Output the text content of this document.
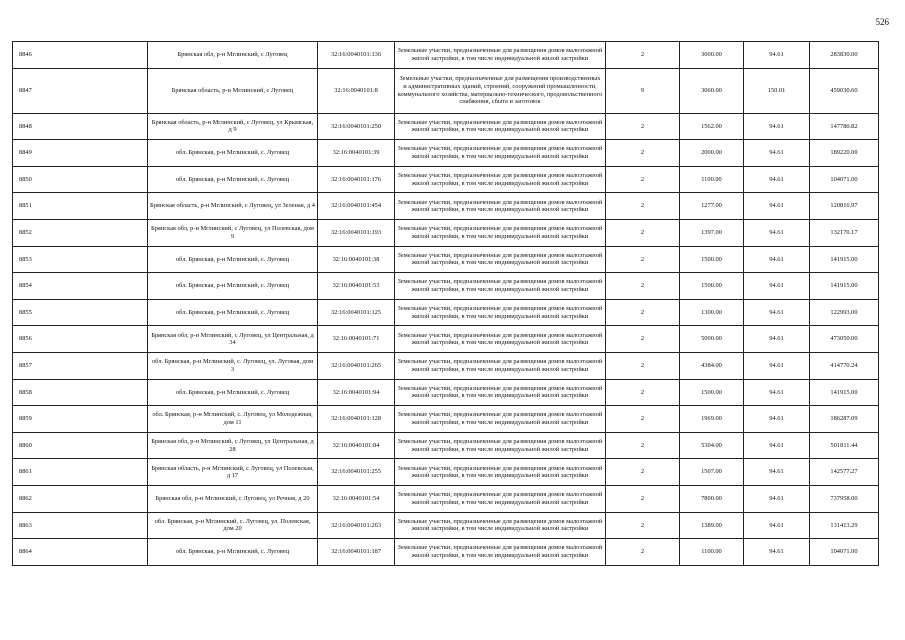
526
8846	Брянская обл, р-н Мглинский, с Луговец	32:16:0040101:136	Земельные участки, предназначенные для размещения домов малоэтажной жилой застройки, в том числе индивидуальной жилой застройки	2	3000.00	94.61	283830.00
8847	Брянская область, р-н Мглинский, с Луговец	32:16:0040101:8	Земельные участки, предназначенные для размещения производственных и административных зданий, строений, сооружений промышленности, коммунального хозяйства, материально-технического, продовольственного снабжения, сбыта и заготовок	9	3060.00	150.01	459030.60
8848	Брянская область, р-н Мглинский, с Луговец, ул Крымская, д 9	32:16:0040101:250	Земельные участки, предназначенные для размещения домов малоэтажной жилой застройки, в том числе индивидуальной жилой застройки	2	1562.00	94.61	147780.82
8849	обл. Брянская, р-н Мглинский, с. Луговец	32:16:0040101:39	Земельные участки, предназначенные для размещения домов малоэтажной жилой застройки, в том числе индивидуальной жилой застройки	2	2000.00	94.61	189220.00
8850	обл. Брянская, р-н Мглинский, с. Луговец	32:16:0040101:176	Земельные участки, предназначенные для размещения домов малоэтажной жилой застройки, в том числе индивидуальной жилой застройки	2	1100.00	94.61	104071.00
8851	Брянская область, р-н Мглинский, с Луговец, ул Зеленая, д 4	32:16:0040101:454	Земельные участки, предназначенные для размещения домов малоэтажной жилой застройки, в том числе индивидуальной жилой застройки	2	1277.00	94.61	120816.97
8852	Брянская обл, р-н Мглинский, с Луговец, ул Полевская, дом 9	32:16:0040101:193	Земельные участки, предназначенные для размещения домов малоэтажной жилой застройки, в том числе индивидуальной жилой застройки	2	1397.00	94.61	132170.17
8853	обл. Брянская, р-н Мглинский, с. Луговец	32:16:0040101:38	Земельные участки, предназначенные для размещения домов малоэтажной жилой застройки, в том числе индивидуальной жилой застройки	2	1500.00	94.61	141915.00
8854	обл. Брянская, р-н Мглинский, с. Луговец	32:16:0040101:53	Земельные участки, предназначенные для размещения домов малоэтажной жилой застройки, в том числе индивидуальной жилой застройки	2	1500.00	94.61	141915.00
8855	обл. Брянская, р-н Мглинский, с. Луговец	32:16:0040101:125	Земельные участки, предназначенные для размещения домов малоэтажной жилой застройки, в том числе индивидуальной жилой застройки	2	1300.00	94.61	122993.00
8856	Брянская обл, р-н Мглинский, с Луговец, ул Центральная, д 34	32:16:0040101:71	Земельные участки, предназначенные для размещения домов малоэтажной жилой застройки, в том числе индивидуальной жилой застройки	2	5000.00	94.61	473050.00
8857	обл. Брянская, р-н Мглинский, с. Луговец, ул. Луговая, дом 3	32:16:0040101:265	Земельные участки, предназначенные для размещения домов малоэтажной жилой застройки, в том числе индивидуальной жилой застройки	2	4384.00	94.61	414770.24
8858	обл. Брянская, р-н Мглинский, с. Луговец	32:16:0040101:94	Земельные участки, предназначенные для размещения домов малоэтажной жилой застройки, в том числе индивидуальной жилой застройки	2	1500.00	94.61	141915.00
8859	обл. Брянская, р-н Мглинский, с. Луговец, ул Молодежная, дом 11	32:16:0040101:128	Земельные участки, предназначенные для размещения домов малоэтажной жилой застройки, в том числе индивидуальной жилой застройки	2	1969.00	94.61	186287.09
8860	Брянская обл, р-н Мглинский, с Луговец, ул Центральная, д 28	32:16:0040101:84	Земельные участки, предназначенные для размещения домов малоэтажной жилой застройки, в том числе индивидуальной жилой застройки	2	5304.00	94.61	501811.44
8861	Брянская область, р-н Мглинский, с Луговец, ул Полевская, д 17	32:16:0040101:255	Земельные участки, предназначенные для размещения домов малоэтажной жилой застройки, в том числе индивидуальной жилой застройки	2	1507.00	94.61	142577.27
8862	Брянская обл, р-н Мглинский, с Луговец, ул Речная, д 20	32:16:0040101:54	Земельные участки, предназначенные для размещения домов малоэтажной жилой застройки, в том числе индивидуальной жилой застройки	2	7800.00	94.61	737958.00
8863	обл. Брянская, р-н Мглинский, с. Луговец, ул. Полевская, дом 20	32:16:0040101:263	Земельные участки, предназначенные для размещения домов малоэтажной жилой застройки, в том числе индивидуальной жилой застройки	2	1389.00	94.61	131413.29
8864	обл. Брянская, р-н Мглинский, с. Луговец	32:16:0040101:187	Земельные участки, предназначенные для размещения домов малоэтажной жилой застройки, в том числе индивидуальной жилой застройки	2	1100.00	94.61	104071.00
